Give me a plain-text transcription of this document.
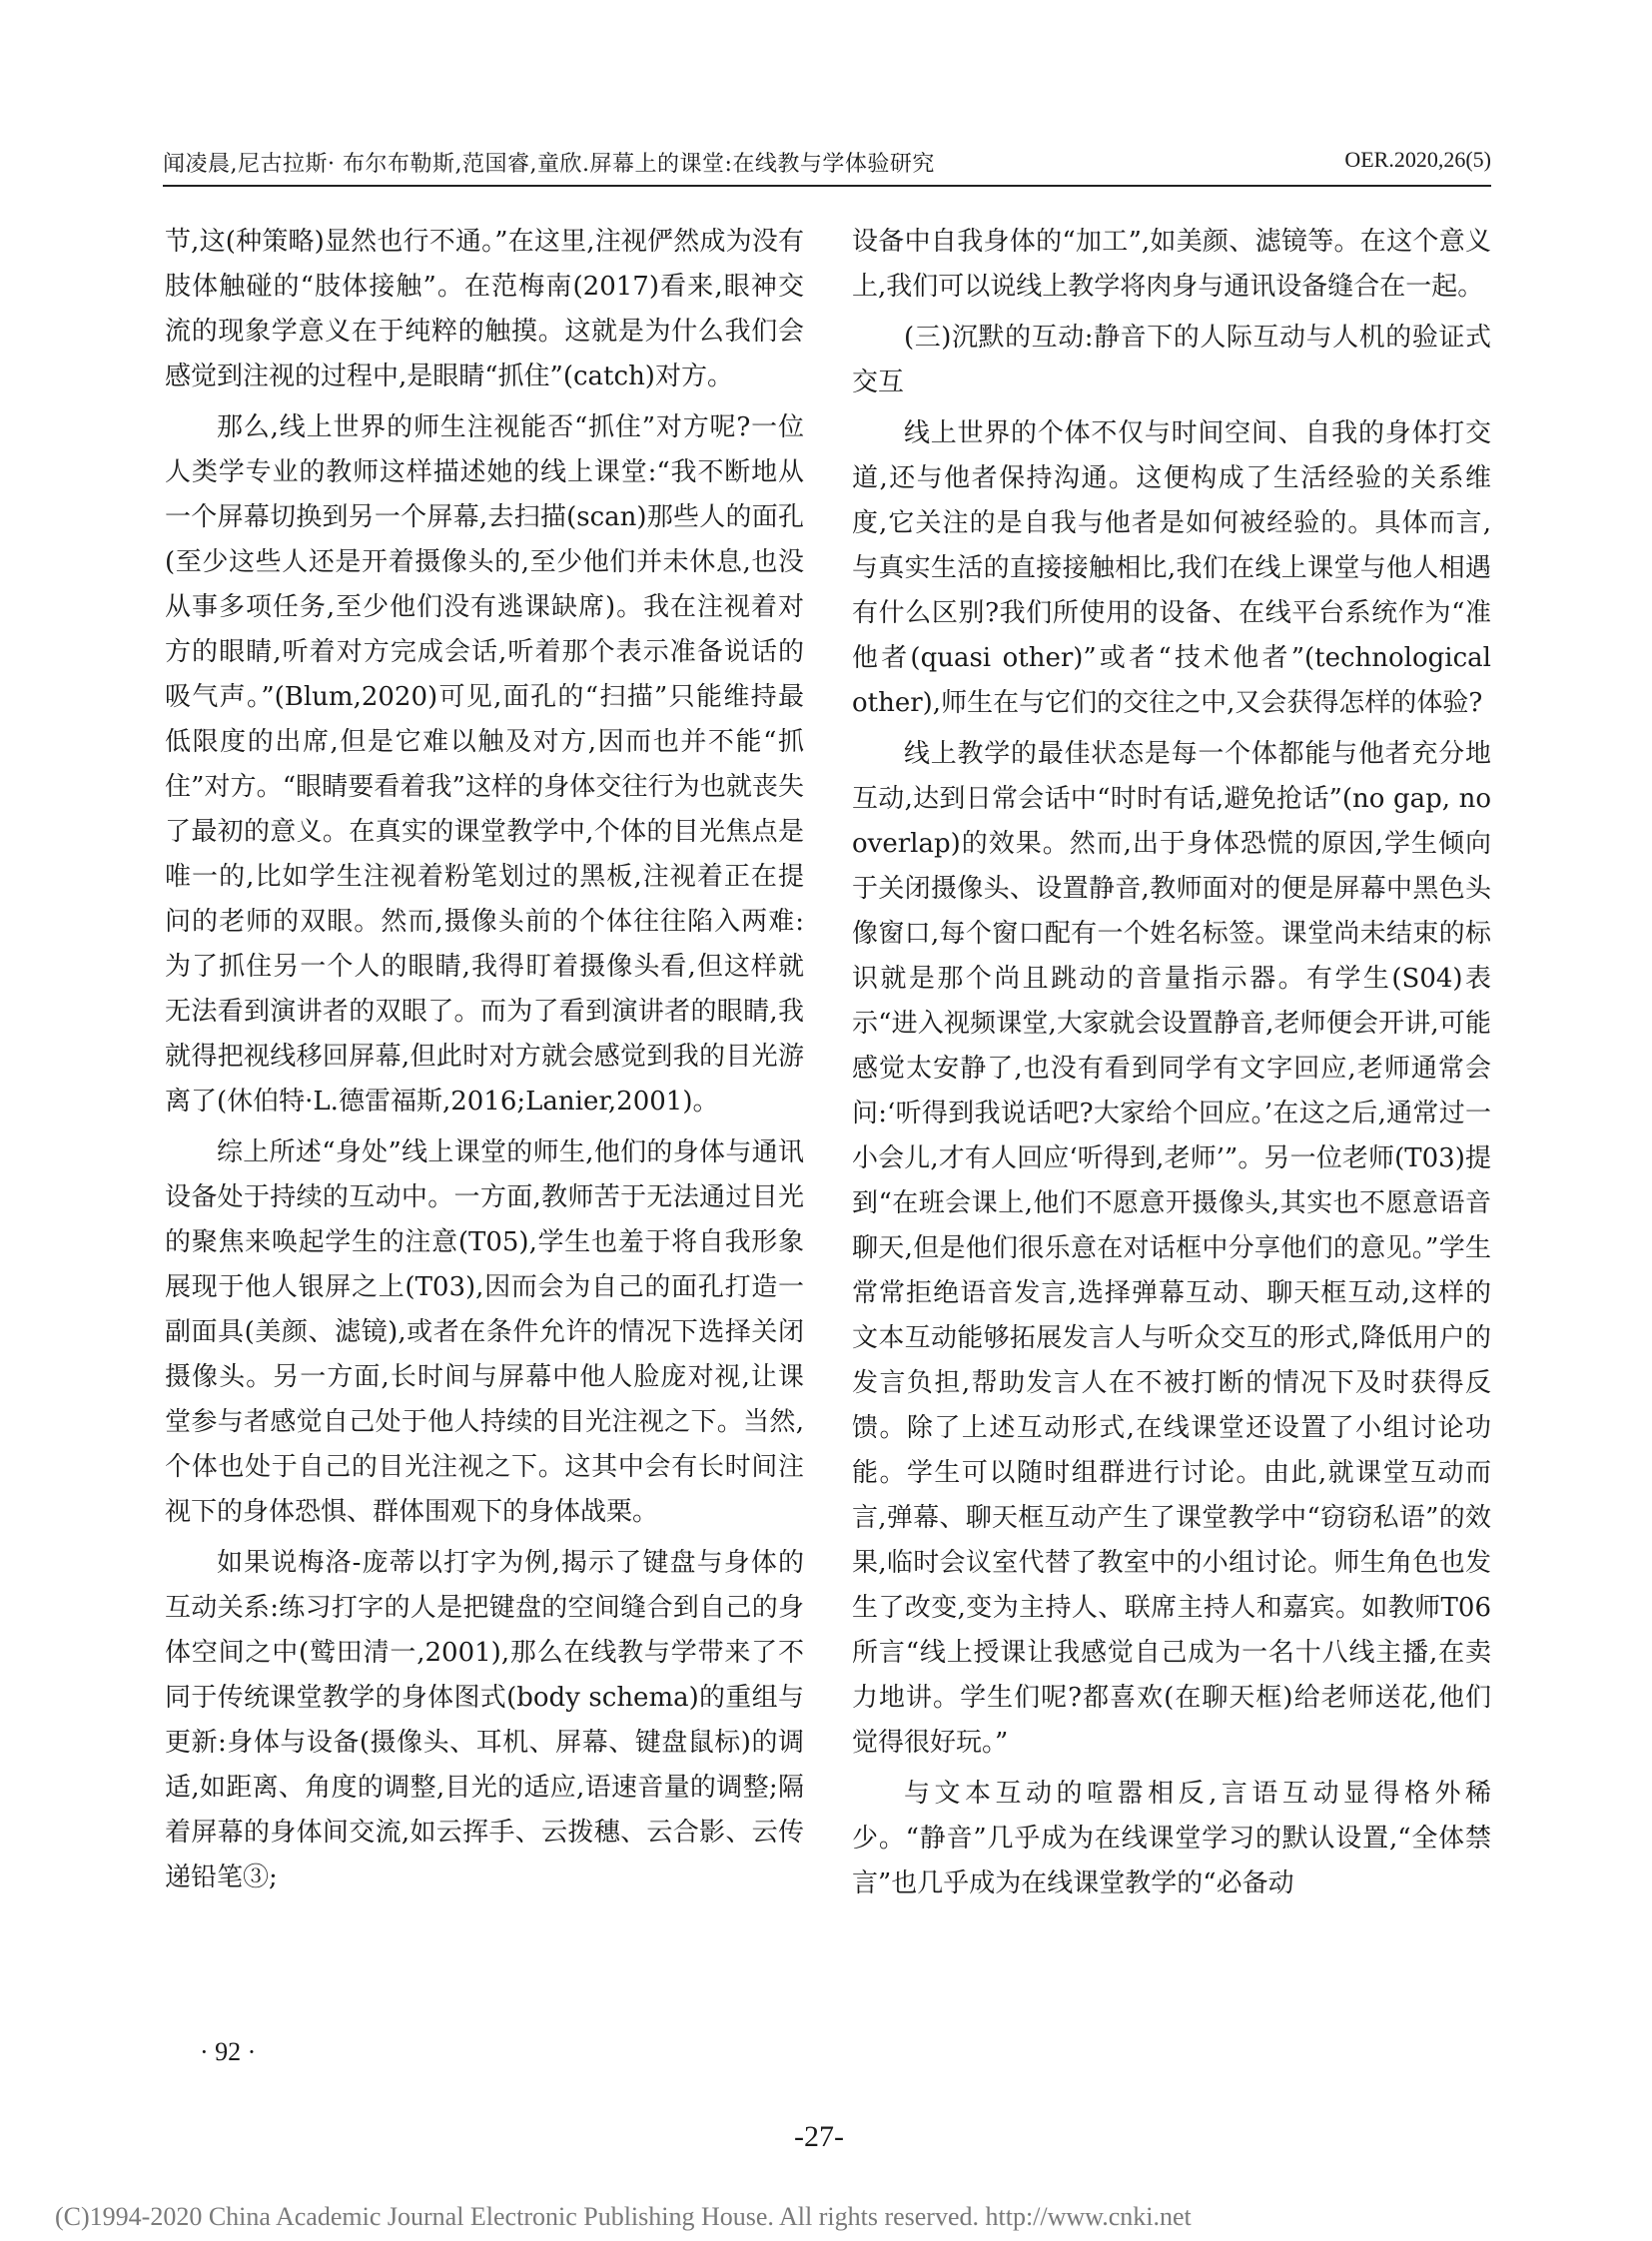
闻凌晨,尼古拉斯· 布尔布勒斯,范国睿,童欣.屏幕上的课堂:在线教与学体验研究	OER.2020,26(5)

节,这(种策略)显然也行不通。”在这里,注视俨然成为没有肢体触碰的“肢体接触”。在范梅南(2017)看来,眼神交流的现象学意义在于纯粹的触摸。这就是为什么我们会感觉到注视的过程中,是眼睛“抓住”(catch)对方。

那么,线上世界的师生注视能否“抓住”对方呢?一位人类学专业的教师这样描述她的线上课堂:“我不断地从一个屏幕切换到另一个屏幕,去扫描(scan)那些人的面孔(至少这些人还是开着摄像头的,至少他们并未休息,也没从事多项任务,至少他们没有逃课缺席)。我在注视着对方的眼睛,听着对方完成会话,听着那个表示准备说话的吸气声。”(Blum,2020)可见,面孔的“扫描”只能维持最低限度的出席,但是它难以触及对方,因而也并不能“抓住”对方。“眼睛要看着我”这样的身体交往行为也就丧失了最初的意义。在真实的课堂教学中,个体的目光焦点是唯一的,比如学生注视着粉笔划过的黑板,注视着正在提问的老师的双眼。然而,摄像头前的个体往往陷入两难:为了抓住另一个人的眼睛,我得盯着摄像头看,但这样就无法看到演讲者的双眼了。而为了看到演讲者的眼睛,我就得把视线移回屏幕,但此时对方就会感觉到我的目光游离了(休伯特·L.德雷福斯,2016;Lanier,2001)。

综上所述“身处”线上课堂的师生,他们的身体与通讯设备处于持续的互动中。一方面,教师苦于无法通过目光的聚焦来唤起学生的注意(T05),学生也羞于将自我形象展现于他人银屏之上(T03),因而会为自己的面孔打造一副面具(美颜、滤镜),或者在条件允许的情况下选择关闭摄像头。另一方面,长时间与屏幕中他人脸庞对视,让课堂参与者感觉自己处于他人持续的目光注视之下。当然,个体也处于自己的目光注视之下。这其中会有长时间注视下的身体恐惧、群体围观下的身体战栗。

如果说梅洛-庞蒂以打字为例,揭示了键盘与身体的互动关系:练习打字的人是把键盘的空间缝合到自己的身体空间之中(鹫田清一,2001),那么在线教与学带来了不同于传统课堂教学的身体图式(body schema)的重组与更新:身体与设备(摄像头、耳机、屏幕、键盘鼠标)的调适,如距离、角度的调整,目光的适应,语速音量的调整;隔着屏幕的身体间交流,如云挥手、云拨穗、云合影、云传递铅笔③;

设备中自我身体的“加工”,如美颜、滤镜等。在这个意义上,我们可以说线上教学将肉身与通讯设备缝合在一起。

(三)沉默的互动:静音下的人际互动与人机的验证式交互

线上世界的个体不仅与时间空间、自我的身体打交道,还与他者保持沟通。这便构成了生活经验的关系维度,它关注的是自我与他者是如何被经验的。具体而言,与真实生活的直接接触相比,我们在线上课堂与他人相遇有什么区别?我们所使用的设备、在线平台系统作为“准他者(quasi other)”或者“技术他者”(technological other),师生在与它们的交往之中,又会获得怎样的体验?

线上教学的最佳状态是每一个体都能与他者充分地互动,达到日常会话中“时时有话,避免抢话”(no gap, no overlap)的效果。然而,出于身体恐慌的原因,学生倾向于关闭摄像头、设置静音,教师面对的便是屏幕中黑色头像窗口,每个窗口配有一个姓名标签。课堂尚未结束的标识就是那个尚且跳动的音量指示器。有学生(S04)表示“进入视频课堂,大家就会设置静音,老师便会开讲,可能感觉太安静了,也没有看到同学有文字回应,老师通常会问:‘听得到我说话吧?大家给个回应。’在这之后,通常过一小会儿,才有人回应‘听得到,老师’”。另一位老师(T03)提到“在班会课上,他们不愿意开摄像头,其实也不愿意语音聊天,但是他们很乐意在对话框中分享他们的意见。”学生常常拒绝语音发言,选择弹幕互动、聊天框互动,这样的文本互动能够拓展发言人与听众交互的形式,降低用户的发言负担,帮助发言人在不被打断的情况下及时获得反馈。除了上述互动形式,在线课堂还设置了小组讨论功能。学生可以随时组群进行讨论。由此,就课堂互动而言,弹幕、聊天框互动产生了课堂教学中“窃窃私语”的效果,临时会议室代替了教室中的小组讨论。师生角色也发生了改变,变为主持人、联席主持人和嘉宾。如教师T06所言“线上授课让我感觉自己成为一名十八线主播,在卖力地讲。学生们呢?都喜欢(在聊天框)给老师送花,他们觉得很好玩。”

与文本互动的喧嚣相反,言语互动显得格外稀少。“静音”几乎成为在线课堂学习的默认设置,“全体禁言”也几乎成为在线课堂教学的“必备动

· 92 ·
-27-
(C)1994-2020 China Academic Journal Electronic Publishing House. All rights reserved. http://www.cnki.net
